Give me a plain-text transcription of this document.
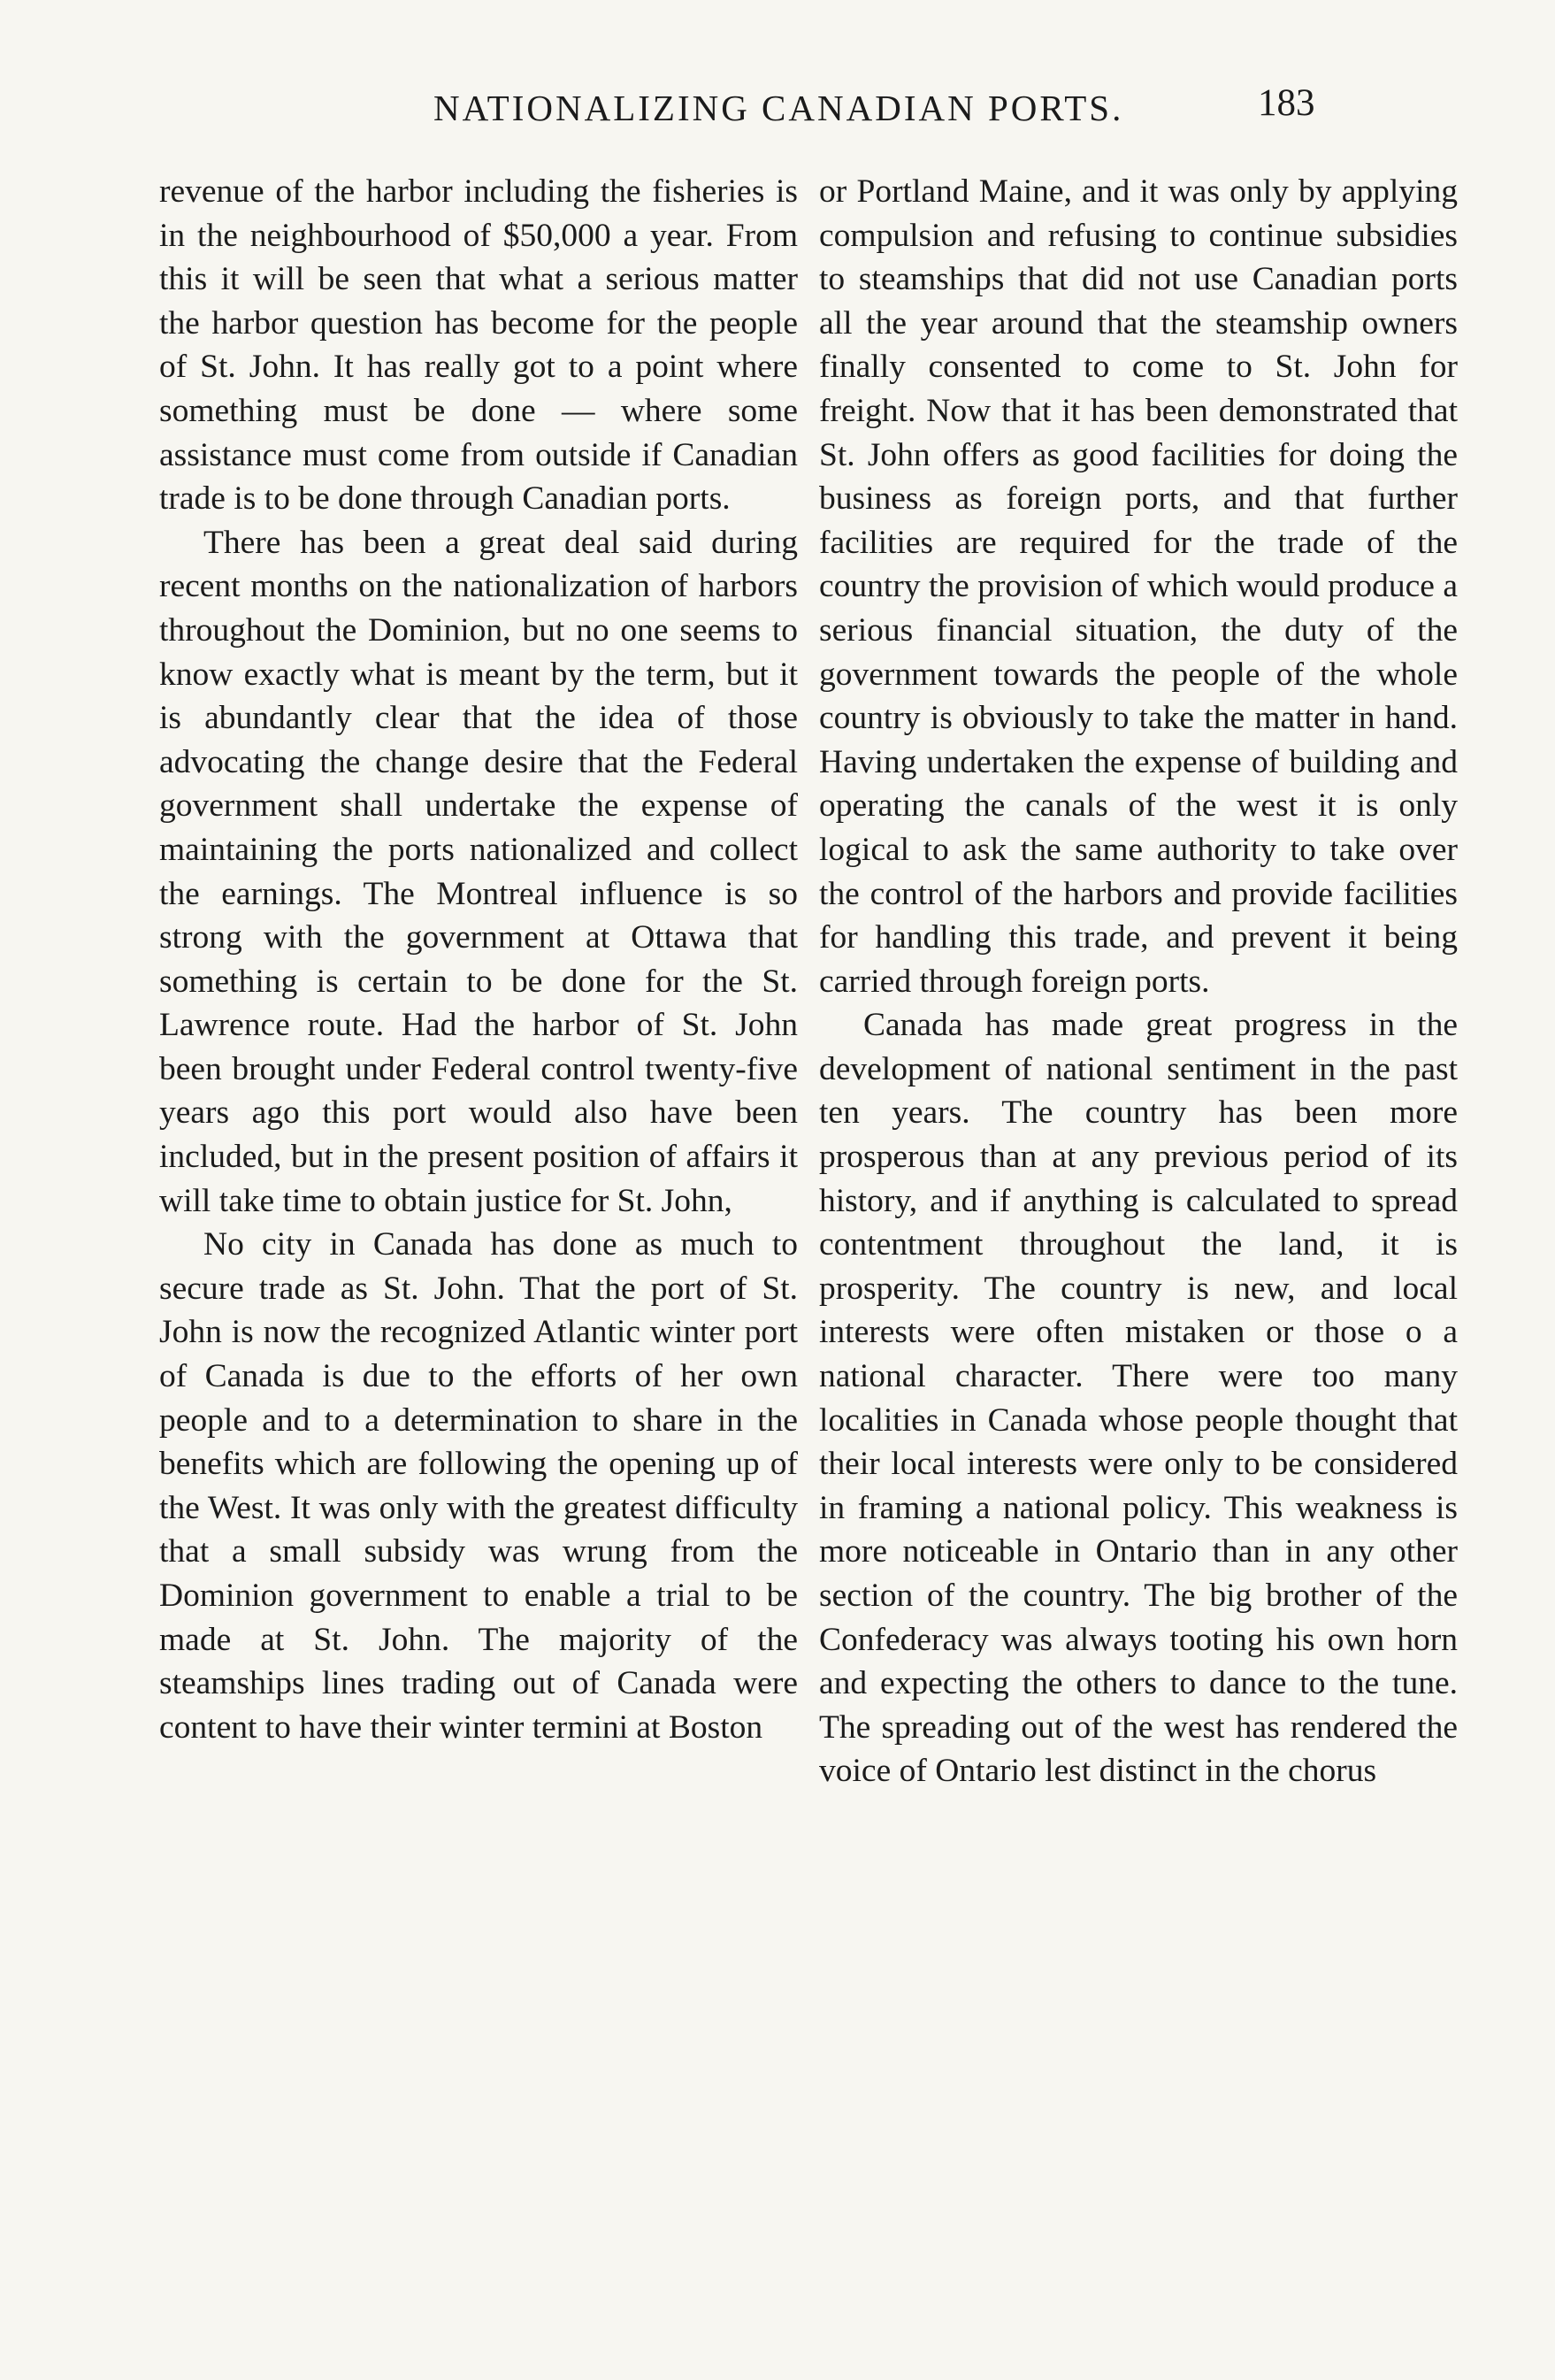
NATIONALIZING CANADIAN PORTS.	183

revenue of the harbor including the fisheries is in the neighbourhood of $50,000 a year. From this it will be seen that what a serious matter the harbor question has become for the people of St. John. It has really got to a point where something must be done — where some assistance must come from outside if Canadian trade is to be done through Canadian ports.

There has been a great deal said during recent months on the nationalization of harbors throughout the Dominion, but no one seems to know exactly what is meant by the term, but it is abundantly clear that the idea of those advocating the change desire that the Federal government shall undertake the expense of maintaining the ports nationalized and collect the earnings. The Montreal influence is so strong with the government at Ottawa that something is certain to be done for the St. Lawrence route. Had the harbor of St. John been brought under Federal control twenty-five years ago this port would also have been included, but in the present position of affairs it will take time to obtain justice for St. John,

No city in Canada has done as much to secure trade as St. John. That the port of St. John is now the recognized Atlantic winter port of Canada is due to the efforts of her own people and to a determination to share in the benefits which are following the opening up of the West. It was only with the greatest difficulty that a small subsidy was wrung from the Dominion government to enable a trial to be made at St. John. The majority of the steamships lines trading out of Canada were content to have their winter termini at Boston

or Portland Maine, and it was only by applying compulsion and refusing to continue subsidies to steamships that did not use Canadian ports all the year around that the steamship owners finally consented to come to St. John for freight. Now that it has been demonstrated that St. John offers as good facilities for doing the business as foreign ports, and that further facilities are required for the trade of the country the provision of which would produce a serious financial situation, the duty of the government towards the people of the whole country is obviously to take the matter in hand. Having undertaken the expense of building and operating the canals of the west it is only logical to ask the same authority to take over the control of the harbors and provide facilities for handling this trade, and prevent it being carried through foreign ports.

Canada has made great progress in the development of national sentiment in the past ten years. The country has been more prosperous than at any previous period of its history, and if anything is calculated to spread contentment throughout the land, it is prosperity. The country is new, and local interests were often mistaken or those o a national character. There were too many localities in Canada whose people thought that their local interests were only to be considered in framing a national policy. This weakness is more noticeable in Ontario than in any other section of the country. The big brother of the Confederacy was always tooting his own horn and expecting the others to dance to the tune. The spreading out of the west has rendered the voice of Ontario lest distinct in the chorus
